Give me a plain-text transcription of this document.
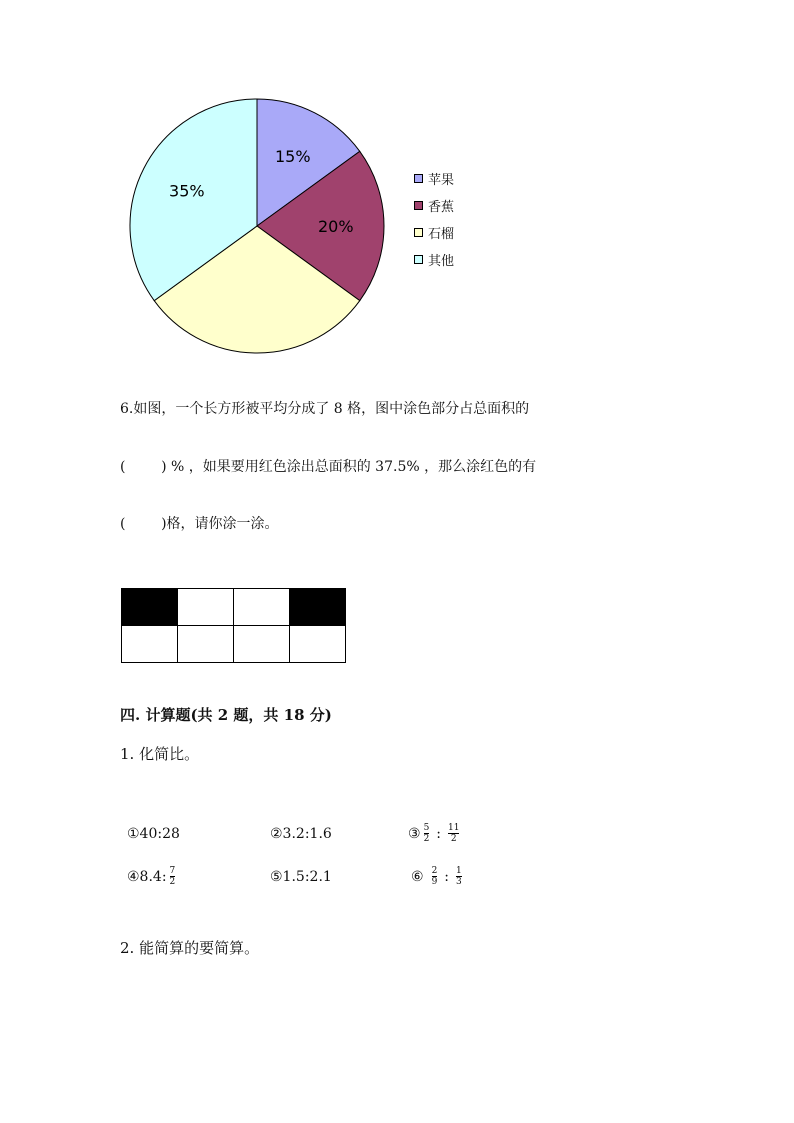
15%
20%
35%
苹果
香蕉
石榴
其他
6.如图，一个长方形被平均分成了 8 格，图中涂色部分占总面积的
(        ) % ，如果要用红色涂出总面积的 37.5% ，那么涂红色的有
(        )格，请你涂一涂。

四. 计算题(共 2 题，共 18 分)
1. 化简比。
①40:28	②3.2:1.6	③ $\frac{5}{2}$ : $\frac{11}{2}$
④8.4: $\frac{7}{2}$	⑤1.5:2.1	⑥ $\frac{2}{9}$ : $\frac{1}{3}$
2. 能简算的要简算。
